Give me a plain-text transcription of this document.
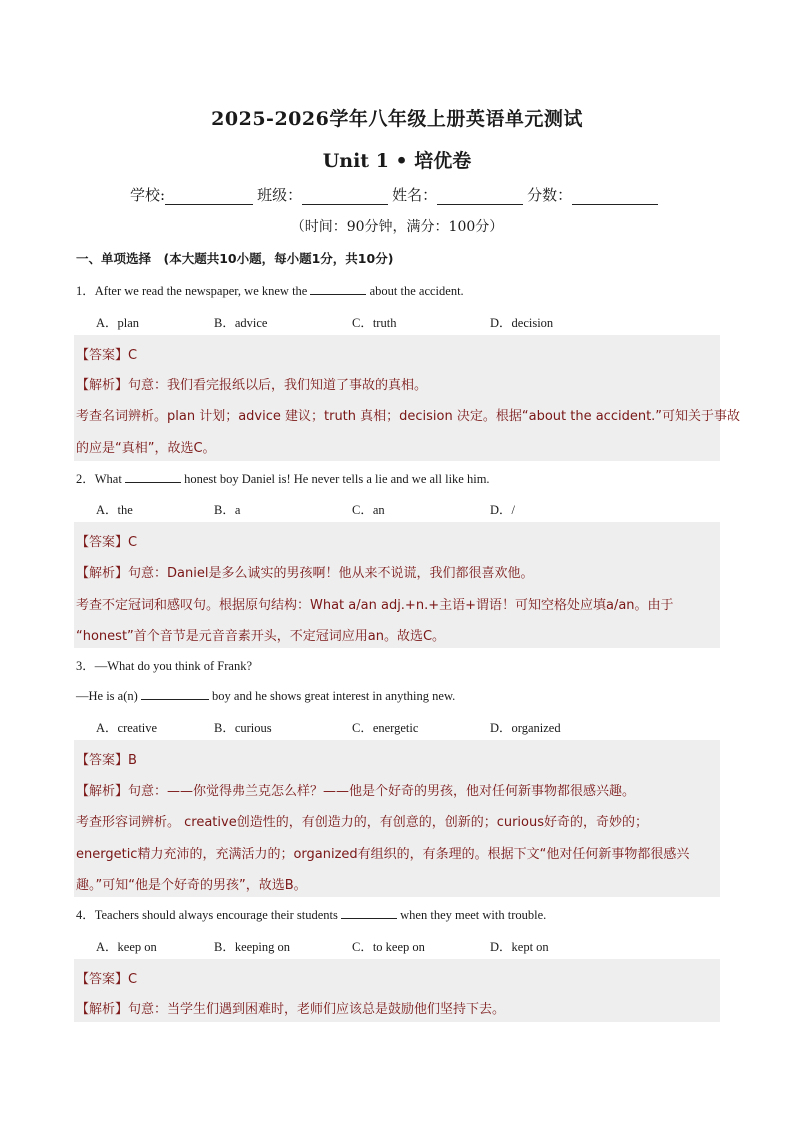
2025-2026学年八年级上册英语单元测试
Unit 1 • 培优卷
学校:	班级：	姓名：	分数：
（时间：90分钟，满分：100分）
一、单项选择　(本大题共10小题，每小题1分，共10分)
1．After we read the newspaper, we knew the	about the accident.
A．plan	B．advice	C．truth	D．decision
【答案】C
【解析】句意：我们看完报纸以后，我们知道了事故的真相。
考查名词辨析。plan 计划；advice 建议；truth 真相；decision 决定。根据“about the accident.”可知关于事故
的应是“真相”，故选C。
2．What	honest boy Daniel is! He never tells a lie and we all like him.
A．the	B．a	C．an	D．/
【答案】C
【解析】句意：Daniel是多么诚实的男孩啊！他从来不说谎，我们都很喜欢他。
考查不定冠词和感叹句。根据原句结构：What a/an adj.+n.+主语+谓语！可知空格处应填a/an。由于
“honest”首个音节是元音音素开头，不定冠词应用an。故选C。
3．—What do you think of Frank?
—He is a(n)	boy and he shows great interest in anything new.
A．creative	B．curious	C．energetic	D．organized
【答案】B
【解析】句意：——你觉得弗兰克怎么样？——他是个好奇的男孩，他对任何新事物都很感兴趣。
考查形容词辨析。 creative创造性的，有创造力的，有创意的，创新的；curious好奇的，奇妙的；
energetic精力充沛的，充满活力的；organized有组织的，有条理的。根据下文“他对任何新事物都很感兴
趣。”可知“他是个好奇的男孩”，故选B。
4．Teachers should always encourage their students	when they meet with trouble.
A．keep on	B．keeping on	C．to keep on	D．kept on
【答案】C
【解析】句意：当学生们遇到困难时，老师们应该总是鼓励他们坚持下去。
